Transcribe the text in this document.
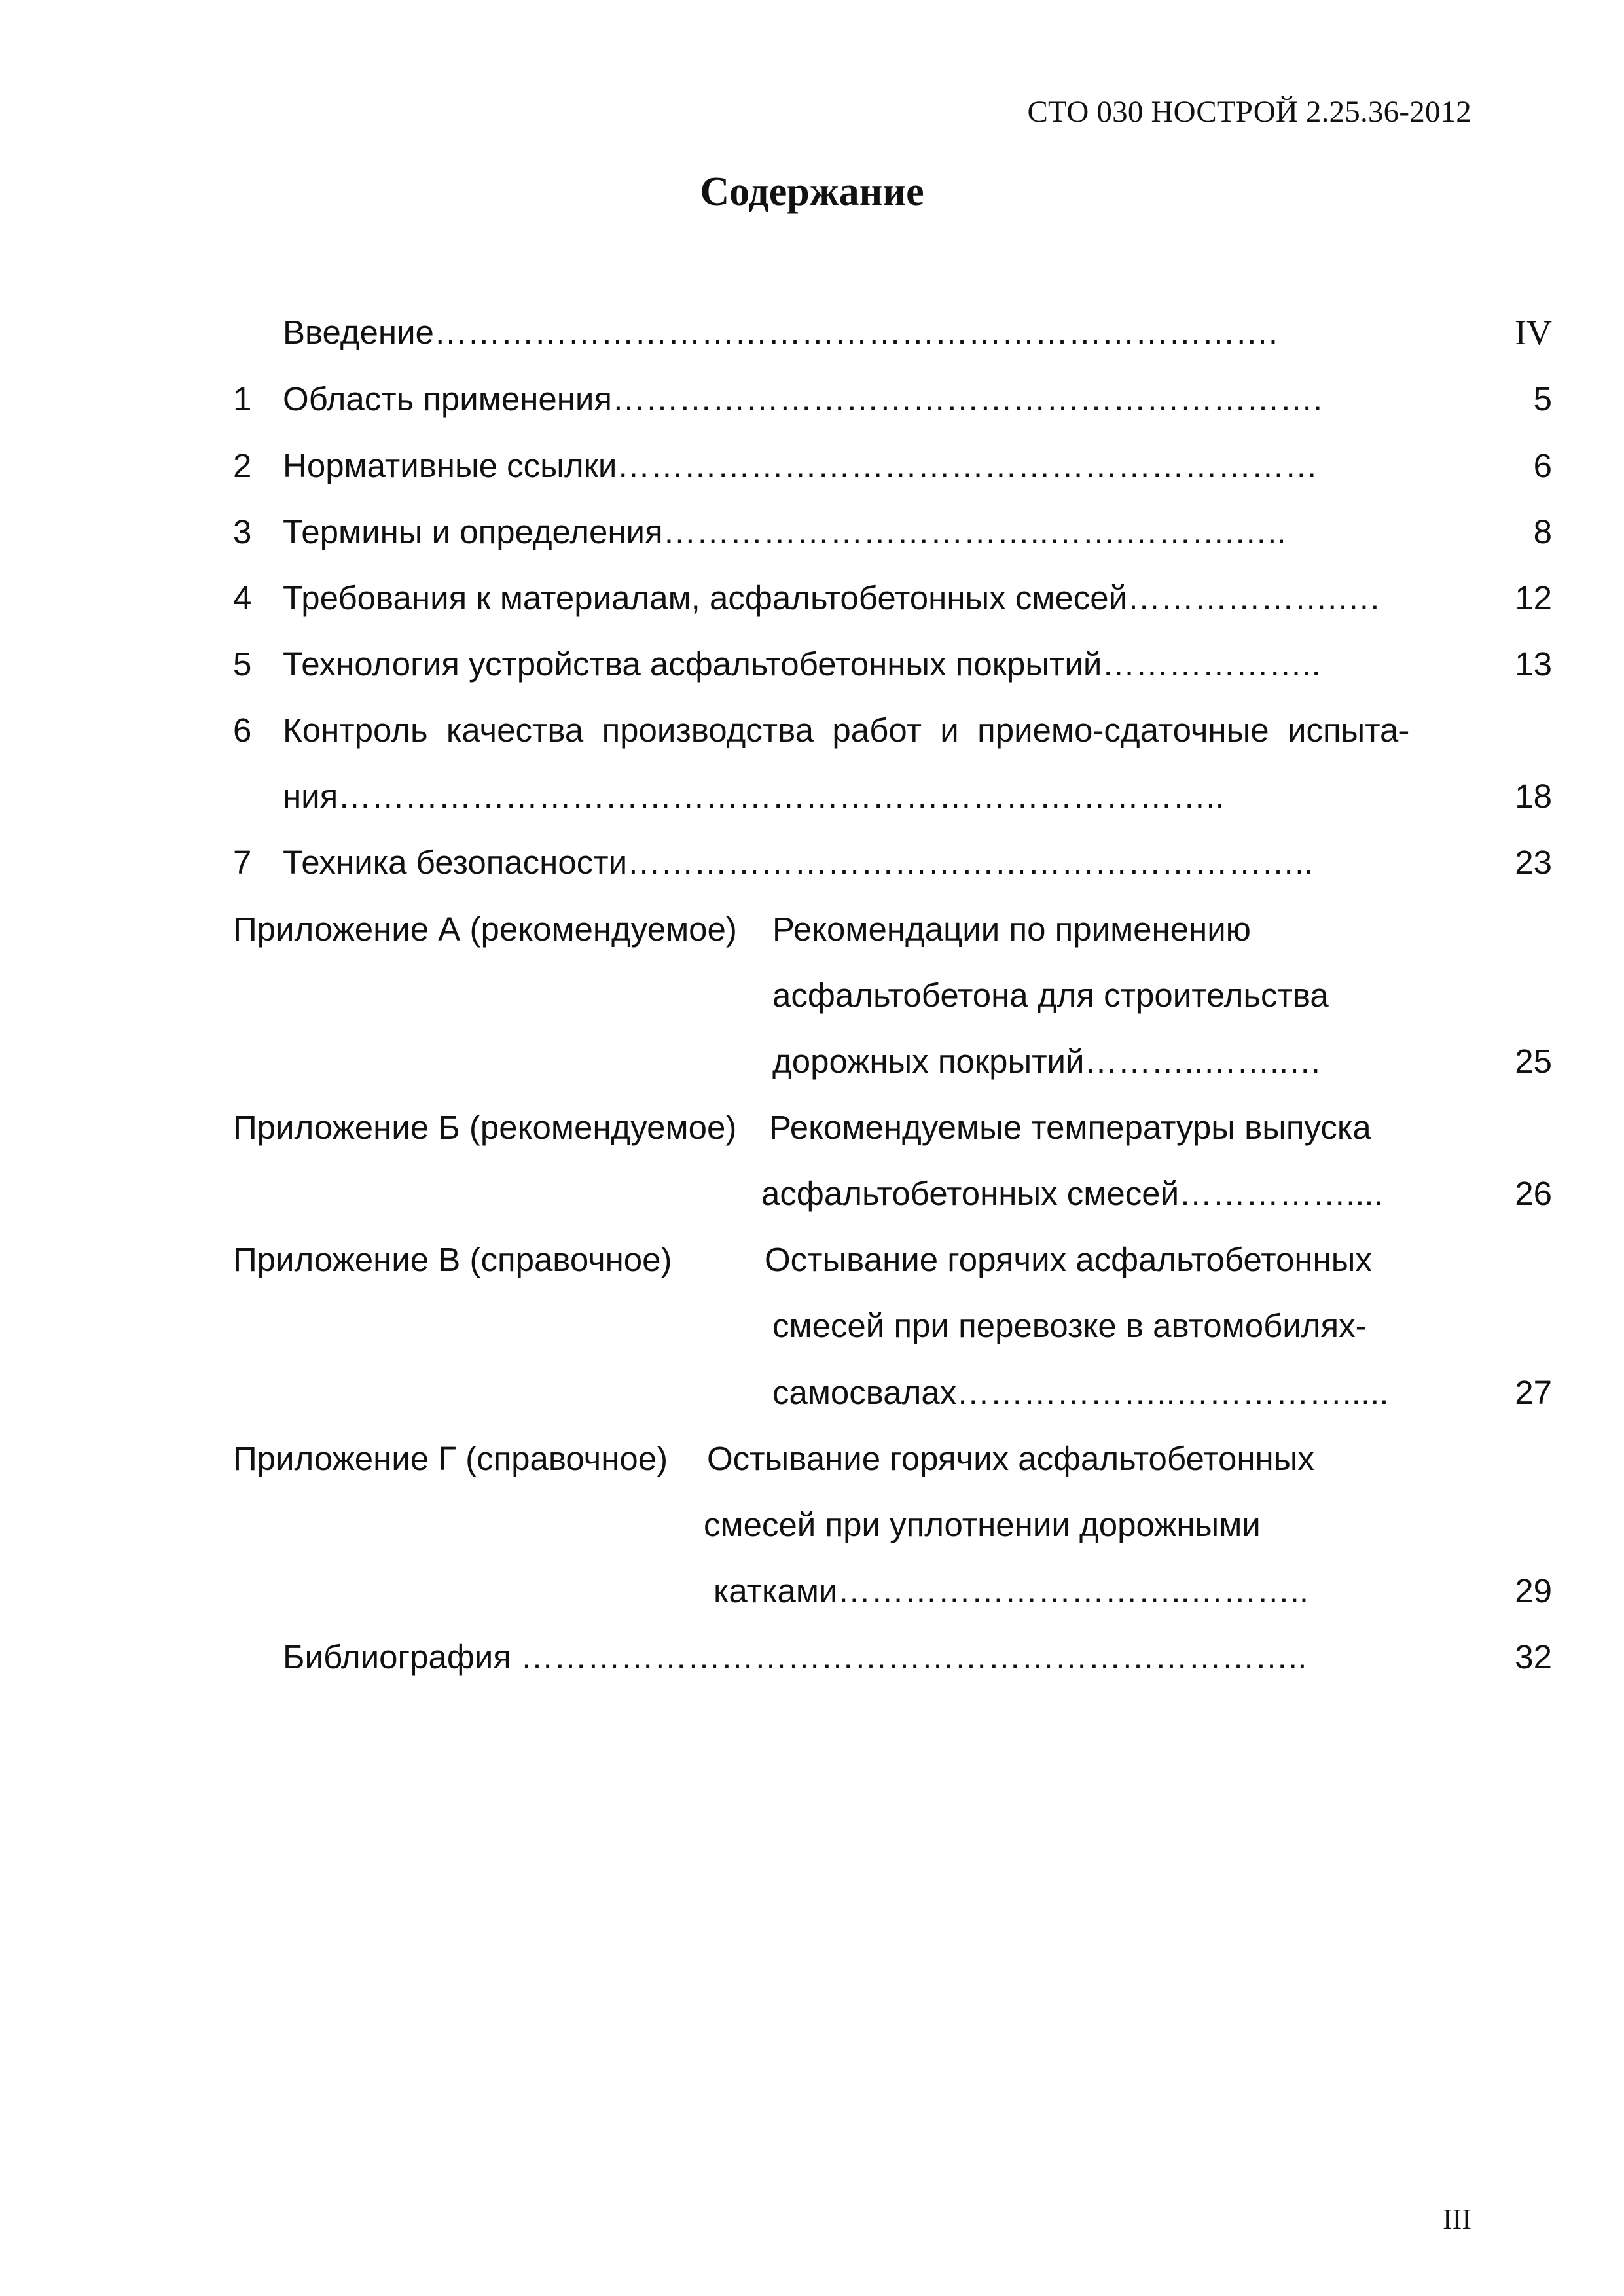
СТО 030 НОСТРОЙ 2.25.36-2012
Содержание
Введение………………………………………………………………….	IV
1 Область применения……………………………………………………….	5
2 Нормативные ссылки………………………………………………………	6
3 Термины и определения……………………………..…….……….…..	8
4 Требования к материалам, асфальтобетонных смесей……………….….	12
5 Технология устройства асфальтобетонных покрытий………………..	13
6 Контроль  качества  производства  работ  и  приемо-сдаточные  испыта-
ния……………………………………………………………………..	18
7 Техника безопасности……………………………………………………..	23
Приложение А (рекомендуемое) Рекомендации по применению
асфальтобетона для строительства
дорожных покрытий………..……..…	25
Приложение Б (рекомендуемое) Рекомендуемые температуры выпуска
асфальтобетонных смесей……………....	26
Приложение В (справочное)	Остывание горячих асфальтобетонных
смесей при перевозке в автомобилях-
самосвалах………………..…………….....	27
Приложение Г (справочное) Остывание горячих асфальтобетонных
смесей при уплотнении дорожными
катками…………………………..………..	29
Библиография ……………………………………………………………..	32
III
